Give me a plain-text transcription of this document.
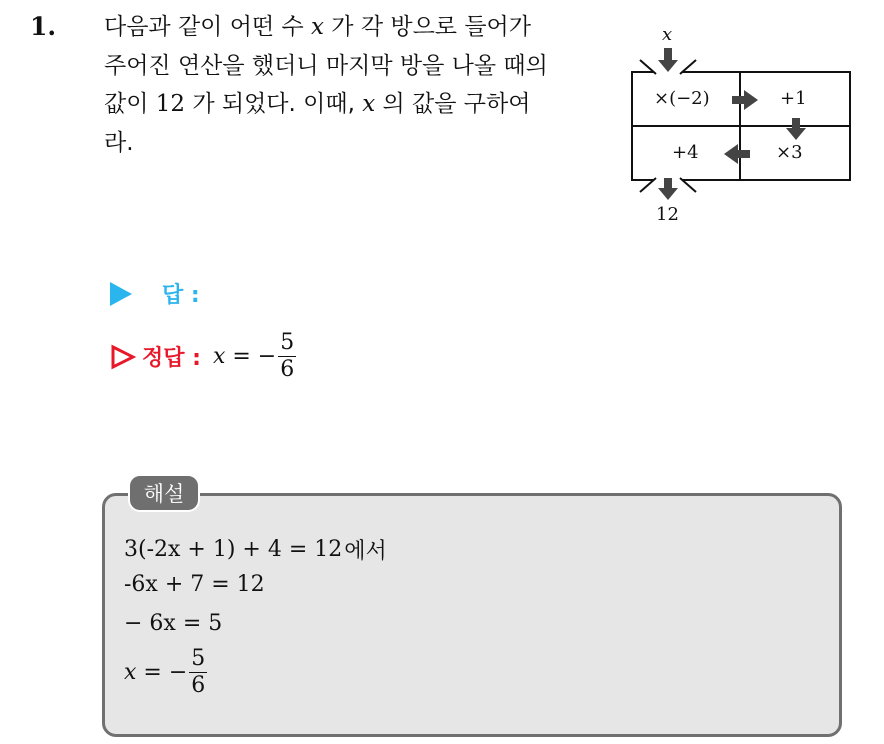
1. 다음과 같이 어떤 수 x 가 각 방으로 들어가
주어진 연산을 했더니 마지막 방을 나올 때의
값이 12 가 되었다. 이때, x 의 값을 구하여
라.
x
12
×(−2)	+1
+4	×3
답 :
정답 : x = − $\frac{5}{6}$
해설
3(-2x + 1) + 4 = 12 에서
-6x + 7 = 12
− 6x = 5
x = − $\frac{5}{6}$
